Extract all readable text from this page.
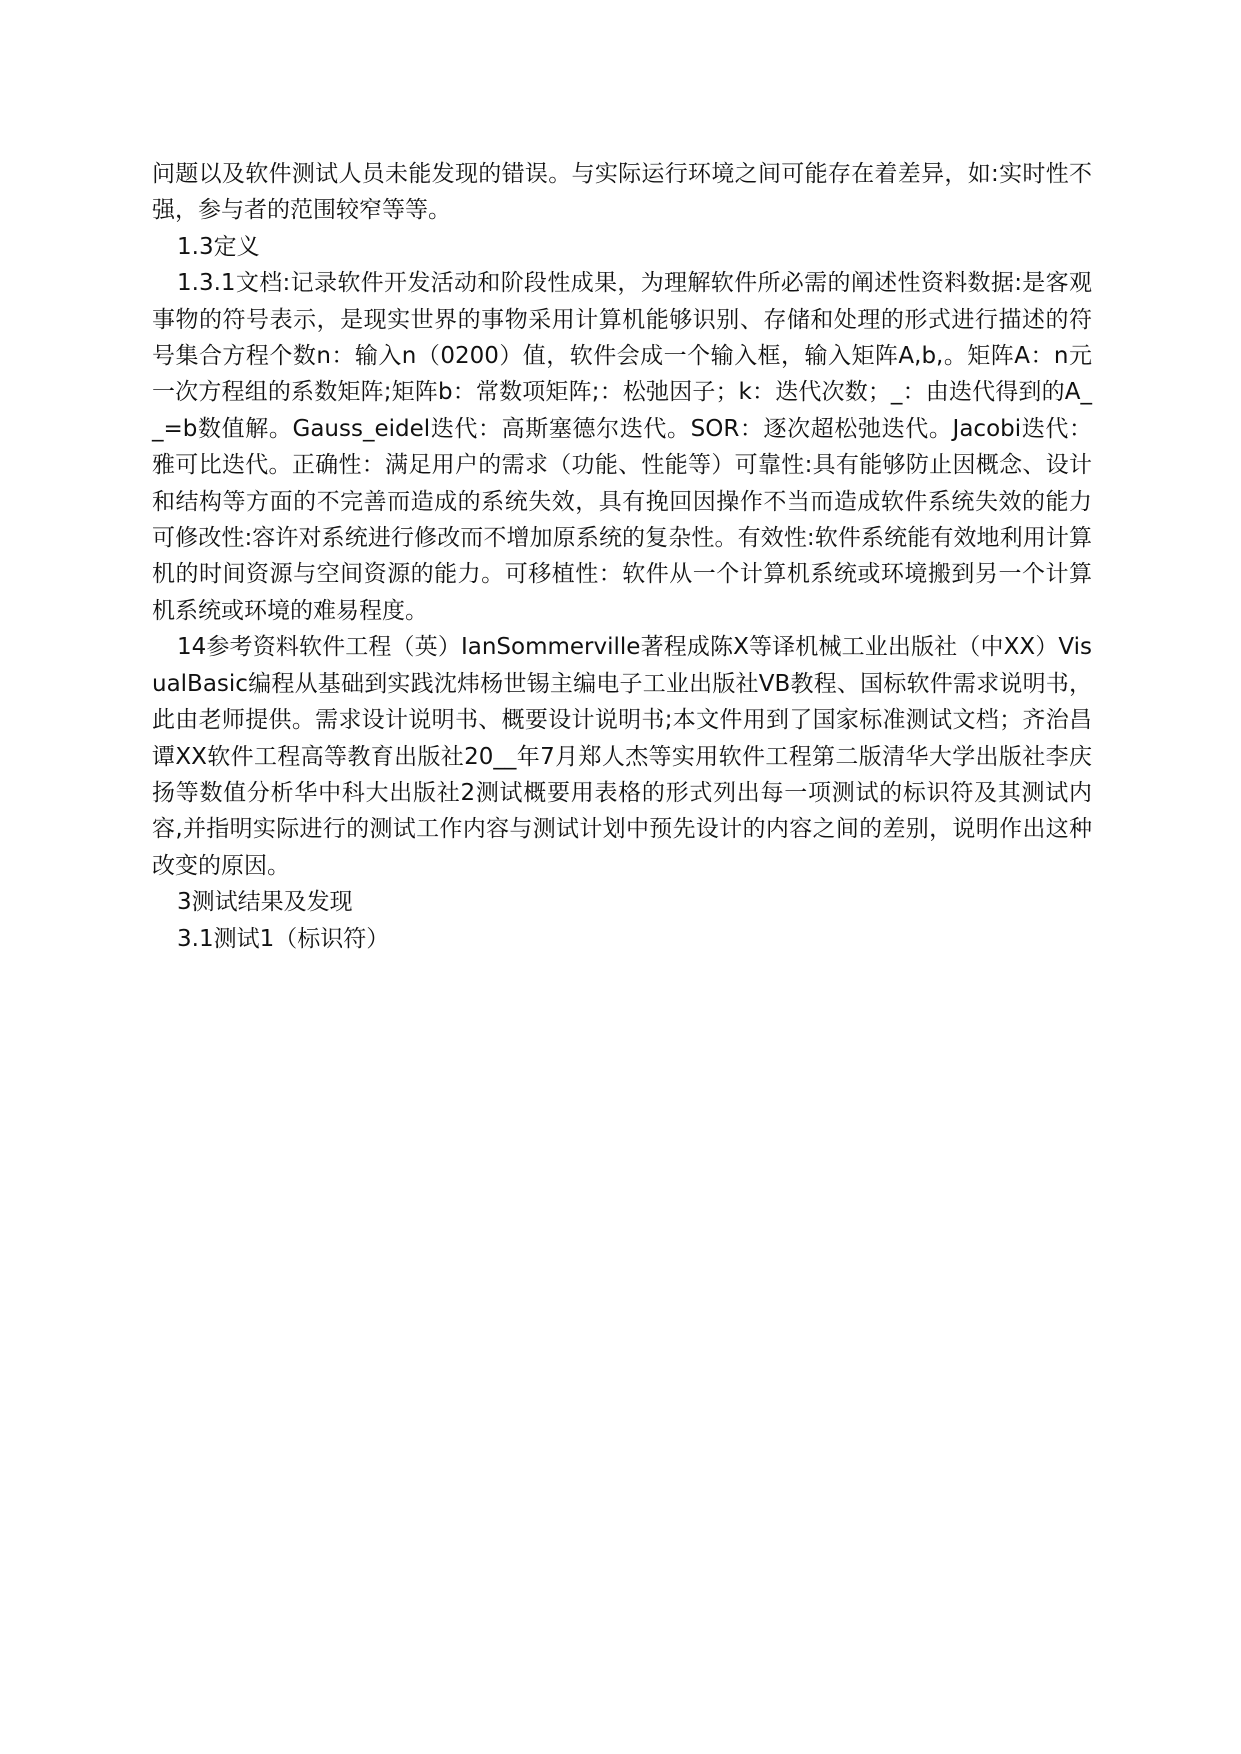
问题以及软件测试人员未能发现的错误。与实际运行环境之间可能存在着差异，如:实时性不强，参与者的范围较窄等等。

1.3定义

1.3.1文档:记录软件开发活动和阶段性成果，为理解软件所必需的阐述性资料数据:是客观事物的符号表示，是现实世界的事物采用计算机能够识别、存储和处理的形式进行描述的符号集合方程个数n：输入n（0200）值，软件会成一个输入框，输入矩阵A,b,。矩阵A：n元一次方程组的系数矩阵;矩阵b：常数项矩阵;：松弛因子；k：迭代次数；_：由迭代得到的A__=b数值解。Gauss_eidel迭代：高斯塞德尔迭代。SOR：逐次超松弛迭代。Jacobi迭代：雅可比迭代。正确性：满足用户的需求（功能、性能等）可靠性:具有能够防止因概念、设计和结构等方面的不完善而造成的系统失效，具有挽回因操作不当而造成软件系统失效的能力可修改性:容许对系统进行修改而不增加原系统的复杂性。有效性:软件系统能有效地利用计算机的时间资源与空间资源的能力。可移植性：软件从一个计算机系统或环境搬到另一个计算机系统或环境的难易程度。

14参考资料软件工程（英）IanSommerville著程成陈X等译机械工业出版社（中XX）VisualBasic编程从基础到实践沈炜杨世锡主编电子工业出版社VB教程、国标软件需求说明书，此由老师提供。需求设计说明书、概要设计说明书;本文件用到了国家标准测试文档；齐治昌谭XX软件工程高等教育出版社20__年7月郑人杰等实用软件工程第二版清华大学出版社李庆扬等数值分析华中科大出版社2测试概要用表格的形式列出每一项测试的标识符及其测试内容,并指明实际进行的测试工作内容与测试计划中预先设计的内容之间的差别，说明作出这种改变的原因。

3测试结果及发现

3.1测试1（标识符）
